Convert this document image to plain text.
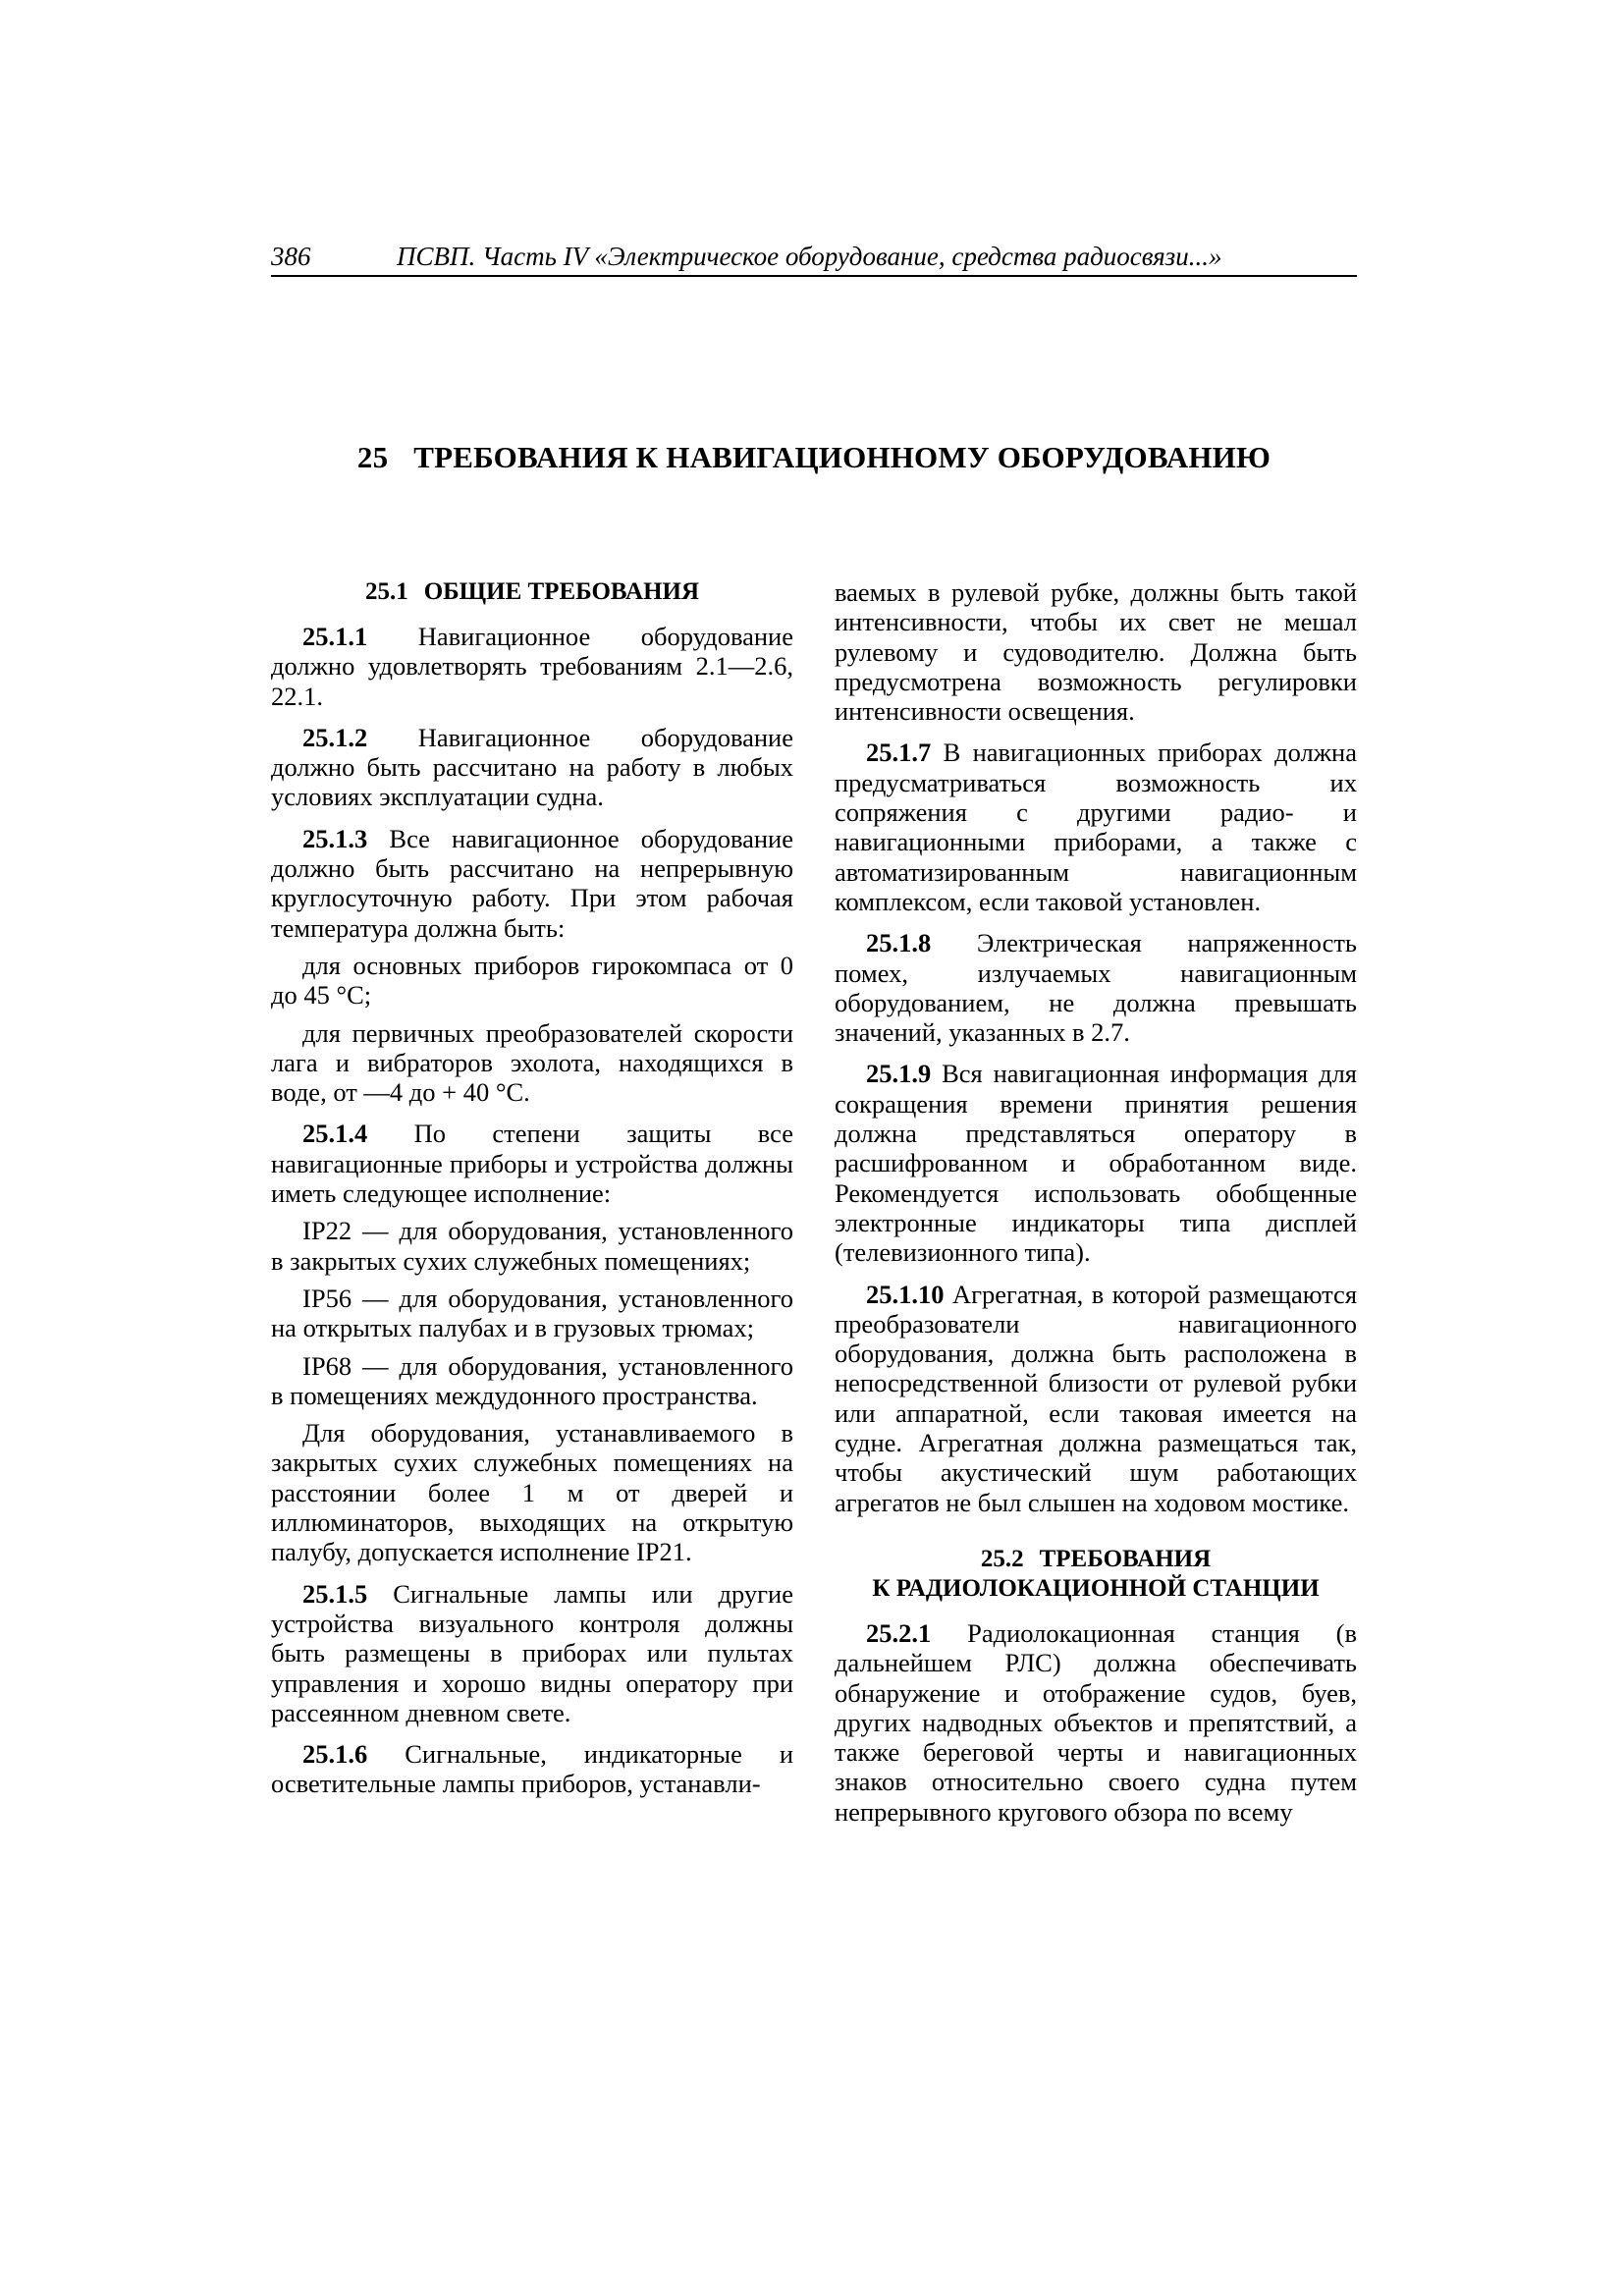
386	ПСВП. Часть IV «Электрическое оборудование, средства радиосвязи...»
25 ТРЕБОВАНИЯ К НАВИГАЦИОННОМУ ОБОРУДОВАНИЮ
25.1 ОБЩИЕ ТРЕБОВАНИЯ

25.1.1 Навигационное оборудование должно удовлетворять требованиям 2.1—2.6, 22.1.

25.1.2 Навигационное оборудование должно быть рассчитано на работу в любых условиях эксплуатации судна.

25.1.3 Все навигационное оборудование должно быть рассчитано на непрерывную круглосуточную работу. При этом рабочая температура должна быть:

для основных приборов гирокомпаса от 0 до 45 °С;

для первичных преобразователей скорости лага и вибраторов эхолота, находящихся в воде, от —4 до + 40 °С.

25.1.4 По степени защиты все навигационные приборы и устройства должны иметь следующее исполнение:

IP22 — для оборудования, установленного в закрытых сухих служебных помещениях;

IP56 — для оборудования, установленного на открытых палубах и в грузовых трюмах;

IP68 — для оборудования, установленного в помещениях междудонного пространства.

Для оборудования, устанавливаемого в закрытых сухих служебных помещениях на расстоянии более 1 м от дверей и иллюминаторов, выходящих на открытую палубу, допускается исполнение IP21.

25.1.5 Сигнальные лампы или другие устройства визуального контроля должны быть размещены в приборах или пультах управления и хорошо видны оператору при рассеянном дневном свете.

25.1.6 Сигнальные, индикаторные и осветительные лампы приборов, устанавли-

ваемых в рулевой рубке, должны быть такой интенсивности, чтобы их свет не мешал рулевому и судоводителю. Должна быть предусмотрена возможность регулировки интенсивности освещения.

25.1.7 В навигационных приборах должна предусматриваться возможность их сопряжения с другими радио- и навигационными приборами, а также с автоматизированным навигационным комплексом, если таковой установлен.

25.1.8 Электрическая напряженность помех, излучаемых навигационным оборудованием, не должна превышать значений, указанных в 2.7.

25.1.9 Вся навигационная информация для сокращения времени принятия решения должна представляться оператору в расшифрованном и обработанном виде. Рекомендуется использовать обобщенные электронные индикаторы типа дисплей (телевизионного типа).

25.1.10 Агрегатная, в которой размещаются преобразователи навигационного оборудования, должна быть расположена в непосредственной близости от рулевой рубки или аппаратной, если таковая имеется на судне. Агрегатная должна размещаться так, чтобы акустический шум работающих агрегатов не был слышен на ходовом мостике.

25.2 ТРЕБОВАНИЯ
К РАДИОЛОКАЦИОННОЙ СТАНЦИИ

25.2.1 Радиолокационная станция (в дальнейшем РЛС) должна обеспечивать обнаружение и отображение судов, буев, других надводных объектов и препятствий, а также береговой черты и навигационных знаков относительно своего судна путем непрерывного кругового обзора по всему
